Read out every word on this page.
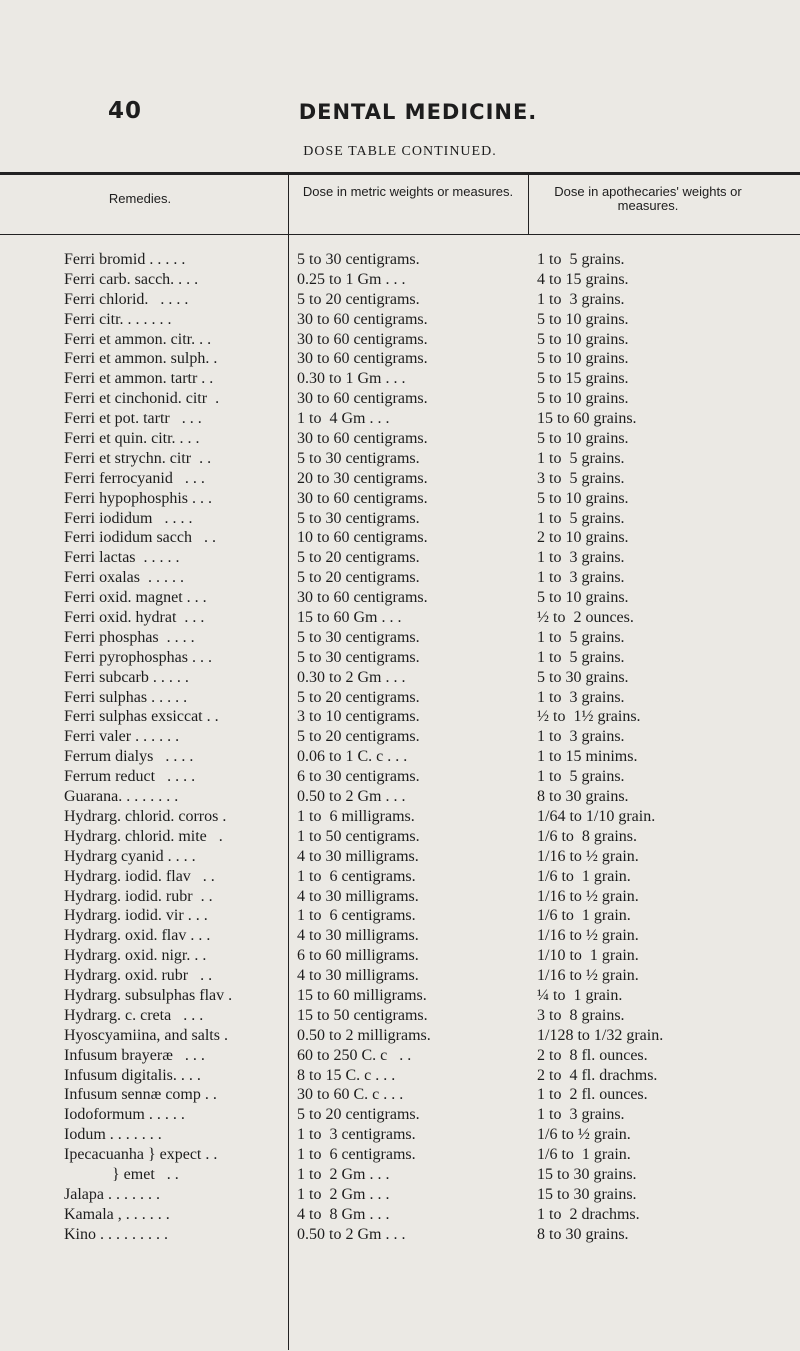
40	DENTAL MEDICINE.
DOSE TABLE CONTINUED.
Remedies.	Dose in metric weights or measures.	Dose in apothecaries' weights or measures.
Ferri bromid . . . . .	5 to 30 centigrams.	1 to  5 grains.
Ferri carb. sacch. . . .	0.25 to 1 Gm . . .	4 to 15 grains.
Ferri chlorid.   . . . .	5 to 20 centigrams.	1 to  3 grains.
Ferri citr. . . . . . .	30 to 60 centigrams.	5 to 10 grains.
Ferri et ammon. citr. . .	30 to 60 centigrams.	5 to 10 grains.
Ferri et ammon. sulph. .	30 to 60 centigrams.	5 to 10 grains.
Ferri et ammon. tartr . .	0.30 to 1 Gm . . .	5 to 15 grains.
Ferri et cinchonid. citr  .	30 to 60 centigrams.	5 to 10 grains.
Ferri et pot. tartr   . . .	1 to  4 Gm . . .	15 to 60 grains.
Ferri et quin. citr. . . .	30 to 60 centigrams.	5 to 10 grains.
Ferri et strychn. citr  . .	5 to 30 centigrams.	1 to  5 grains.
Ferri ferrocyanid   . . .	20 to 30 centigrams.	3 to  5 grains.
Ferri hypophosphis . . .	30 to 60 centigrams.	5 to 10 grains.
Ferri iodidum   . . . .	5 to 30 centigrams.	1 to  5 grains.
Ferri iodidum sacch   . .	10 to 60 centigrams.	2 to 10 grains.
Ferri lactas  . . . . .	5 to 20 centigrams.	1 to  3 grains.
Ferri oxalas  . . . . .	5 to 20 centigrams.	1 to  3 grains.
Ferri oxid. magnet . . .	30 to 60 centigrams.	5 to 10 grains.
Ferri oxid. hydrat  . . .	15 to 60 Gm . . .	½ to  2 ounces.
Ferri phosphas  . . . .	5 to 30 centigrams.	1 to  5 grains.
Ferri pyrophosphas . . .	5 to 30 centigrams.	1 to  5 grains.
Ferri subcarb . . . . .	0.30 to 2 Gm . . .	5 to 30 grains.
Ferri sulphas . . . . .	5 to 20 centigrams.	1 to  3 grains.
Ferri sulphas exsiccat . .	3 to 10 centigrams.	½ to  1½ grains.
Ferri valer . . . . . .	5 to 20 centigrams.	1 to  3 grains.
Ferrum dialys   . . . .	0.06 to 1 C. c . . .	1 to 15 minims.
Ferrum reduct   . . . .	6 to 30 centigrams.	1 to  5 grains.
Guarana. . . . . . . .	0.50 to 2 Gm . . .	8 to 30 grains.
Hydrarg. chlorid. corros .	1 to  6 milligrams.	1/64 to 1/10 grain.
Hydrarg. chlorid. mite   .	1 to 50 centigrams.	1/6 to  8 grains.
Hydrarg cyanid . . . .	4 to 30 milligrams.	1/16 to ½ grain.
Hydrarg. iodid. flav   . .	1 to  6 centigrams.	1/6 to  1 grain.
Hydrarg. iodid. rubr  . .	4 to 30 milligrams.	1/16 to ½ grain.
Hydrarg. iodid. vir . . .	1 to  6 centigrams.	1/6 to  1 grain.
Hydrarg. oxid. flav . . .	4 to 30 milligrams.	1/16 to ½ grain.
Hydrarg. oxid. nigr. . .	6 to 60 milligrams.	1/10 to  1 grain.
Hydrarg. oxid. rubr   . .	4 to 30 milligrams.	1/16 to ½ grain.
Hydrarg. subsulphas flav .	15 to 60 milligrams.	¼ to  1 grain.
Hydrarg. c. creta   . . .	15 to 50 centigrams.	3 to  8 grains.
Hyoscyamiina, and salts .	0.50 to 2 milligrams.	1/128 to 1/32 grain.
Infusum brayeræ   . . .	60 to 250 C. c   . .	2 to  8 fl. ounces.
Infusum digitalis. . . .	8 to 15 C. c . . .	2 to  4 fl. drachms.
Infusum sennæ comp . .	30 to 60 C. c . . .	1 to  2 fl. ounces.
Iodoformum . . . . .	5 to 20 centigrams.	1 to  3 grains.
Iodum . . . . . . .	1 to  3 centigrams.	1/6 to ½ grain.
Ipecacuanha } expect . .	1 to  6 centigrams.	1/6 to  1 grain.
} emet   . .	1 to  2 Gm . . .	15 to 30 grains.
Jalapa . . . . . . .	1 to  2 Gm . . .	15 to 30 grains.
Kamala , . . . . . .	4 to  8 Gm . . .	1 to  2 drachms.
Kino . . . . . . . . .	0.50 to 2 Gm . . .	8 to 30 grains.
